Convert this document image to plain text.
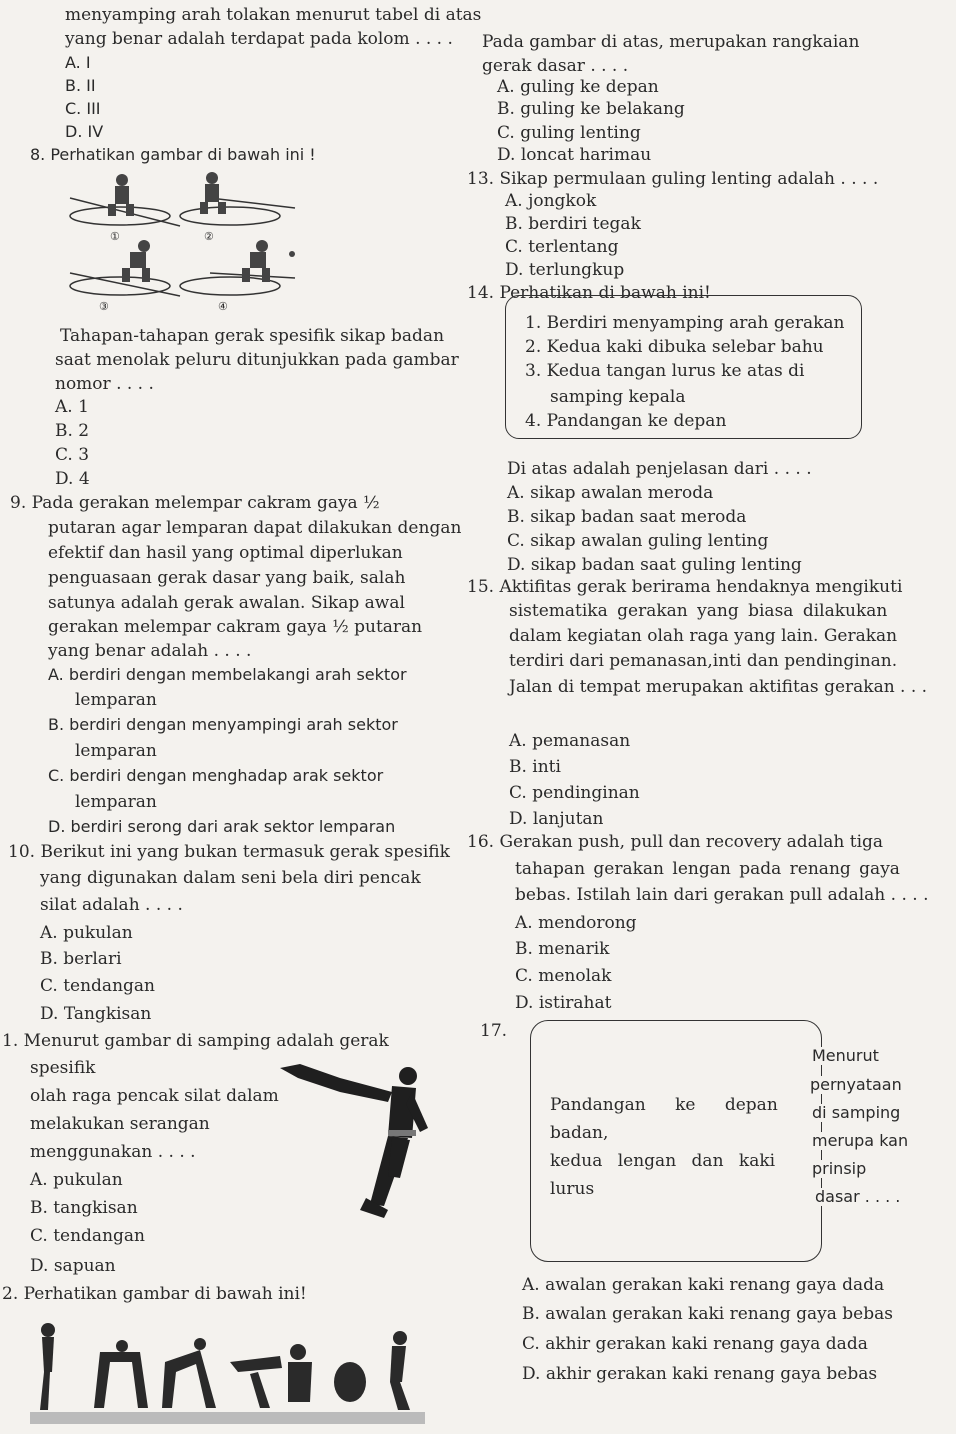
menyamping arah tolakan menurut tabel di atas
yang benar adalah terdapat pada kolom . . . .
A. I
B. II
C. III
D. IV
8. Perhatikan gambar di bawah ini !
①	②
③	④
Tahapan-tahapan gerak spesifik sikap badan
saat menolak peluru ditunjukkan pada gambar
nomor . . . .
A. 1
B. 2
C. 3
D. 4
9. Pada gerakan melempar cakram gaya ½
putaran agar lemparan dapat dilakukan dengan
efektif dan hasil yang optimal diperlukan
penguasaan gerak dasar yang baik, salah
satunya adalah gerak awalan. Sikap awal
gerakan melempar cakram gaya ½ putaran
yang benar adalah . . . .
A. berdiri dengan membelakangi arah sektor
lemparan
B. berdiri dengan menyampingi arah sektor
lemparan
C. berdiri dengan menghadap arak sektor
lemparan
D. berdiri serong dari arak sektor lemparan
10. Berikut ini yang bukan termasuk gerak spesifik
yang digunakan dalam seni bela diri pencak
silat adalah . . . .
A. pukulan
B. berlari
C. tendangan
D. Tangkisan
1. Menurut gambar di samping adalah gerak
spesifik
olah raga pencak silat dalam
melakukan serangan
menggunakan . . . .
A. pukulan
B. tangkisan
C. tendangan
D. sapuan
2. Perhatikan gambar di bawah ini!
Pada gambar di atas, merupakan rangkaian
gerak dasar . . . .
A. guling ke depan
B. guling ke belakang
C. guling lenting
D. loncat harimau
13. Sikap permulaan guling lenting adalah . . . .
A. jongkok
B. berdiri tegak
C. terlentang
D. terlungkup
14. Perhatikan di bawah ini!
1. Berdiri menyamping arah gerakan
2. Kedua kaki dibuka selebar bahu
3. Kedua tangan lurus ke atas di
samping kepala
4. Pandangan ke depan
Di atas adalah penjelasan dari . . . .
A. sikap awalan meroda
B. sikap badan saat meroda
C. sikap awalan guling lenting
D. sikap badan saat guling lenting
15. Aktifitas gerak berirama hendaknya mengikuti
sistematika gerakan yang biasa dilakukan
dalam kegiatan olah raga yang lain. Gerakan
terdiri dari pemanasan,inti dan pendinginan.
Jalan di tempat merupakan aktifitas gerakan . . .
A. pemanasan
B. inti
C. pendinginan
D. lanjutan
16. Gerakan push, pull dan recovery adalah tiga
tahapan gerakan lengan pada renang gaya
bebas. Istilah lain dari gerakan pull adalah . . . .
A. mendorong
B. menarik
C. menolak
D. istirahat
17.
Pandangan ke depan
badan,
kedua lengan dan kaki
lurus
Menurut
pernyataan
di samping
merupa kan
prinsip
dasar . . . .
A. awalan gerakan kaki renang gaya dada
B. awalan gerakan kaki renang gaya bebas
C. akhir gerakan kaki renang gaya dada
D. akhir gerakan kaki renang gaya bebas
